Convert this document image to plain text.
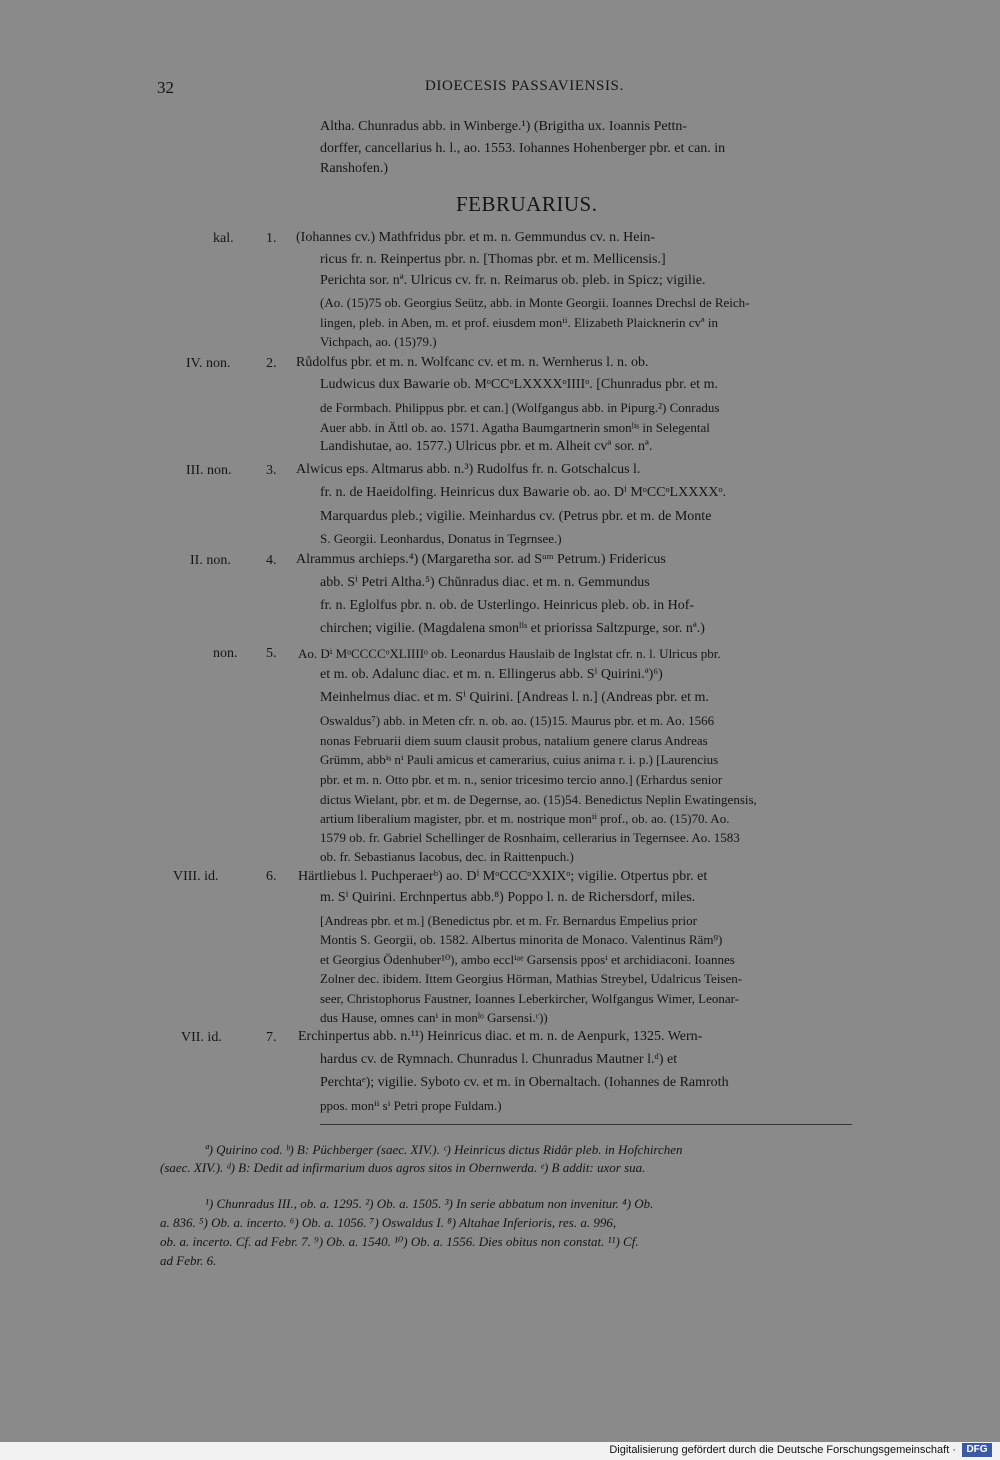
32	DIOECESIS PASSAVIENSIS.
Altha. Chunradus abb. in Winberge.¹) (Brigitha ux. Ioannis Pettn-
dorffer, cancellarius h. l., ao. 1553. Iohannes Hohenberger pbr. et can. in
Ranshofen.)
FEBRUARIUS.
kal. 1. (Iohannes cv.) Mathfridus pbr. et m. n. Gemmundus cv. n. Hein-
ricus fr. n. Reinpertus pbr. n. [Thomas pbr. et m. Mellicensis.]
Perichta sor. nª. Ulricus cv. fr. n. Reimarus ob. pleb. in Spicz; vigilie.
(Ao. (15)75 ob. Georgius Seütz, abb. in Monte Georgii. Ioannes Drechsl de Reich-
lingen, pleb. in Aben, m. et prof. eiusdem monⁱⁱ. Elizabeth Plaicknerin cvª in
Vichpach, ao. (15)79.)
IV. non.	2. Růdolfus pbr. et m. n. Wolfcanc cv. et m. n. Wernherus l. n. ob.
Ludwicus dux Bawarie ob. MᵒCCᵒLXXXXᵒIIIIᵒ. [Chunradus pbr. et m.
de Formbach. Philippus pbr. et can.] (Wolfgangus abb. in Pipurg.²) Conradus
Auer abb. in Ättl ob. ao. 1571. Agatha Baumgartnerin smonˡⁱˢ in Selegental
Landishutae, ao. 1577.) Ulricus pbr. et m. Alheit cvª sor. nª.
III. non. 3. Alwicus eps. Altmarus abb. n.³) Rudolfus fr. n. Gotschalcus l.
fr. n. de Haeidolfing. Heinricus dux Bawarie ob. ao. Dⁱ MᵒCCᵒLXXXXᵒ.
Marquardus pleb.; vigilie. Meinhardus cv. (Petrus pbr. et m. de Monte
S. Georgii. Leonhardus, Donatus in Tegrnsee.)
II. non.	4. Alrammus archieps.⁴) (Margaretha sor. ad Sᵘᵐ Petrum.) Fridericus
abb. Sⁱ Petri Altha.⁵) Chŭnradus diac. et m. n. Gemmundus
fr. n. Eglolfus pbr. n. ob. de Usterlingo. Heinricus pleb. ob. in Hof-
chirchen; vigilie. (Magdalena smonˡⁱˢ et priorissa Saltzpurge, sor. nª.)
non. 5. Ao. Dⁱ MᵒCCCCᵒXLIIIIᵒ ob. Leonardus Hauslaib de Inglstat cfr. n. l. Ulricus pbr.
et m. ob. Adalunc diac. et m. n. Ellingerus abb. Sⁱ Quirini.ª)⁶)
Meinhelmus diac. et m. Sⁱ Quirini. [Andreas l. n.] (Andreas pbr. et m.
Oswaldus⁷) abb. in Meten cfr. n. ob. ao. (15)15. Maurus pbr. et m. Ao. 1566
nonas Februarii diem suum clausit probus, natalium genere clarus Andreas
Grümm, abbⁱˢ nⁱ Pauli amicus et camerarius, cuius anima r. i. p.) [Laurencius
pbr. et m. n. Otto pbr. et m. n., senior tricesimo tercio anno.] (Erhardus senior
dictus Wielant, pbr. et m. de Degernse, ao. (15)54. Benedictus Neplin Ewatingensis,
artium liberalium magister, pbr. et m. nostrique monⁱⁱ prof., ob. ao. (15)70. Ao.
1579 ob. fr. Gabriel Schellinger de Rosnhaim, cellerarius in Tegernsee. Ao. 1583
ob. fr. Sebastianus Iacobus, dec. in Raittenpuch.)
VIII. id.	6. Härtliebus l. Puchperaerᵇ) ao. Dⁱ MᵒCCCᵒXXIXᵒ; vigilie. Otpertus pbr. et
m. Sⁱ Quirini. Erchnpertus abb.⁸) Poppo l. n. de Richersdorf, miles.
[Andreas pbr. et m.] (Benedictus pbr. et m. Fr. Bernardus Empelius prior
Montis S. Georgii, ob. 1582. Albertus minorita de Monaco. Valentinus Räm⁹)
et Georgius Ödenhuber¹⁰), ambo ecclⁱᵃᵉ Garsensis pposⁱ et archidiaconi. Ioannes
Zolner dec. ibidem. Ittem Georgius Hörman, Mathias Streybel, Udalricus Teisen-
seer, Christophorus Faustner, Ioannes Leberkircher, Wolfgangus Wimer, Leonar-
dus Hause, omnes canⁱ in monˡᵒ Garsensi.ᶜ))
VII. id.	7. Erchinpertus abb. n.¹¹) Heinricus diac. et m. n. de Aenpurk, 1325. Wern-
hardus cv. de Rymnach. Chunradus l. Chunradus Mautner l.ᵈ) et
Perchtaᵉ); vigilie. Syboto cv. et m. in Obernaltach. (Iohannes de Ramroth
ppos. monⁱⁱ sⁱ Petri prope Fuldam.)
ª) Quirino cod. ᵇ) B: Püchberger (saec. XIV.). ᶜ) Heinricus dictus Ridâr pleb. in Hofchirchen
(saec. XIV.). ᵈ) B: Dedit ad infirmarium duos agros sitos in Obernwerda. ᵉ) B addit: uxor sua.
¹) Chunradus III., ob. a. 1295. ²) Ob. a. 1505. ³) In serie abbatum non invenitur. ⁴) Ob.
a. 836. ⁵) Ob. a. incerto. ⁶) Ob. a. 1056. ⁷) Oswaldus I. ⁸) Altahae Inferioris, res. a. 996,
ob. a. incerto. Cf. ad Febr. 7. ⁹) Ob. a. 1540. ¹⁰) Ob. a. 1556. Dies obitus non constat. ¹¹) Cf.
ad Febr. 6.
Digitalisierung gefördert durch die Deutsche Forschungsgemeinschaft ·	DFG
